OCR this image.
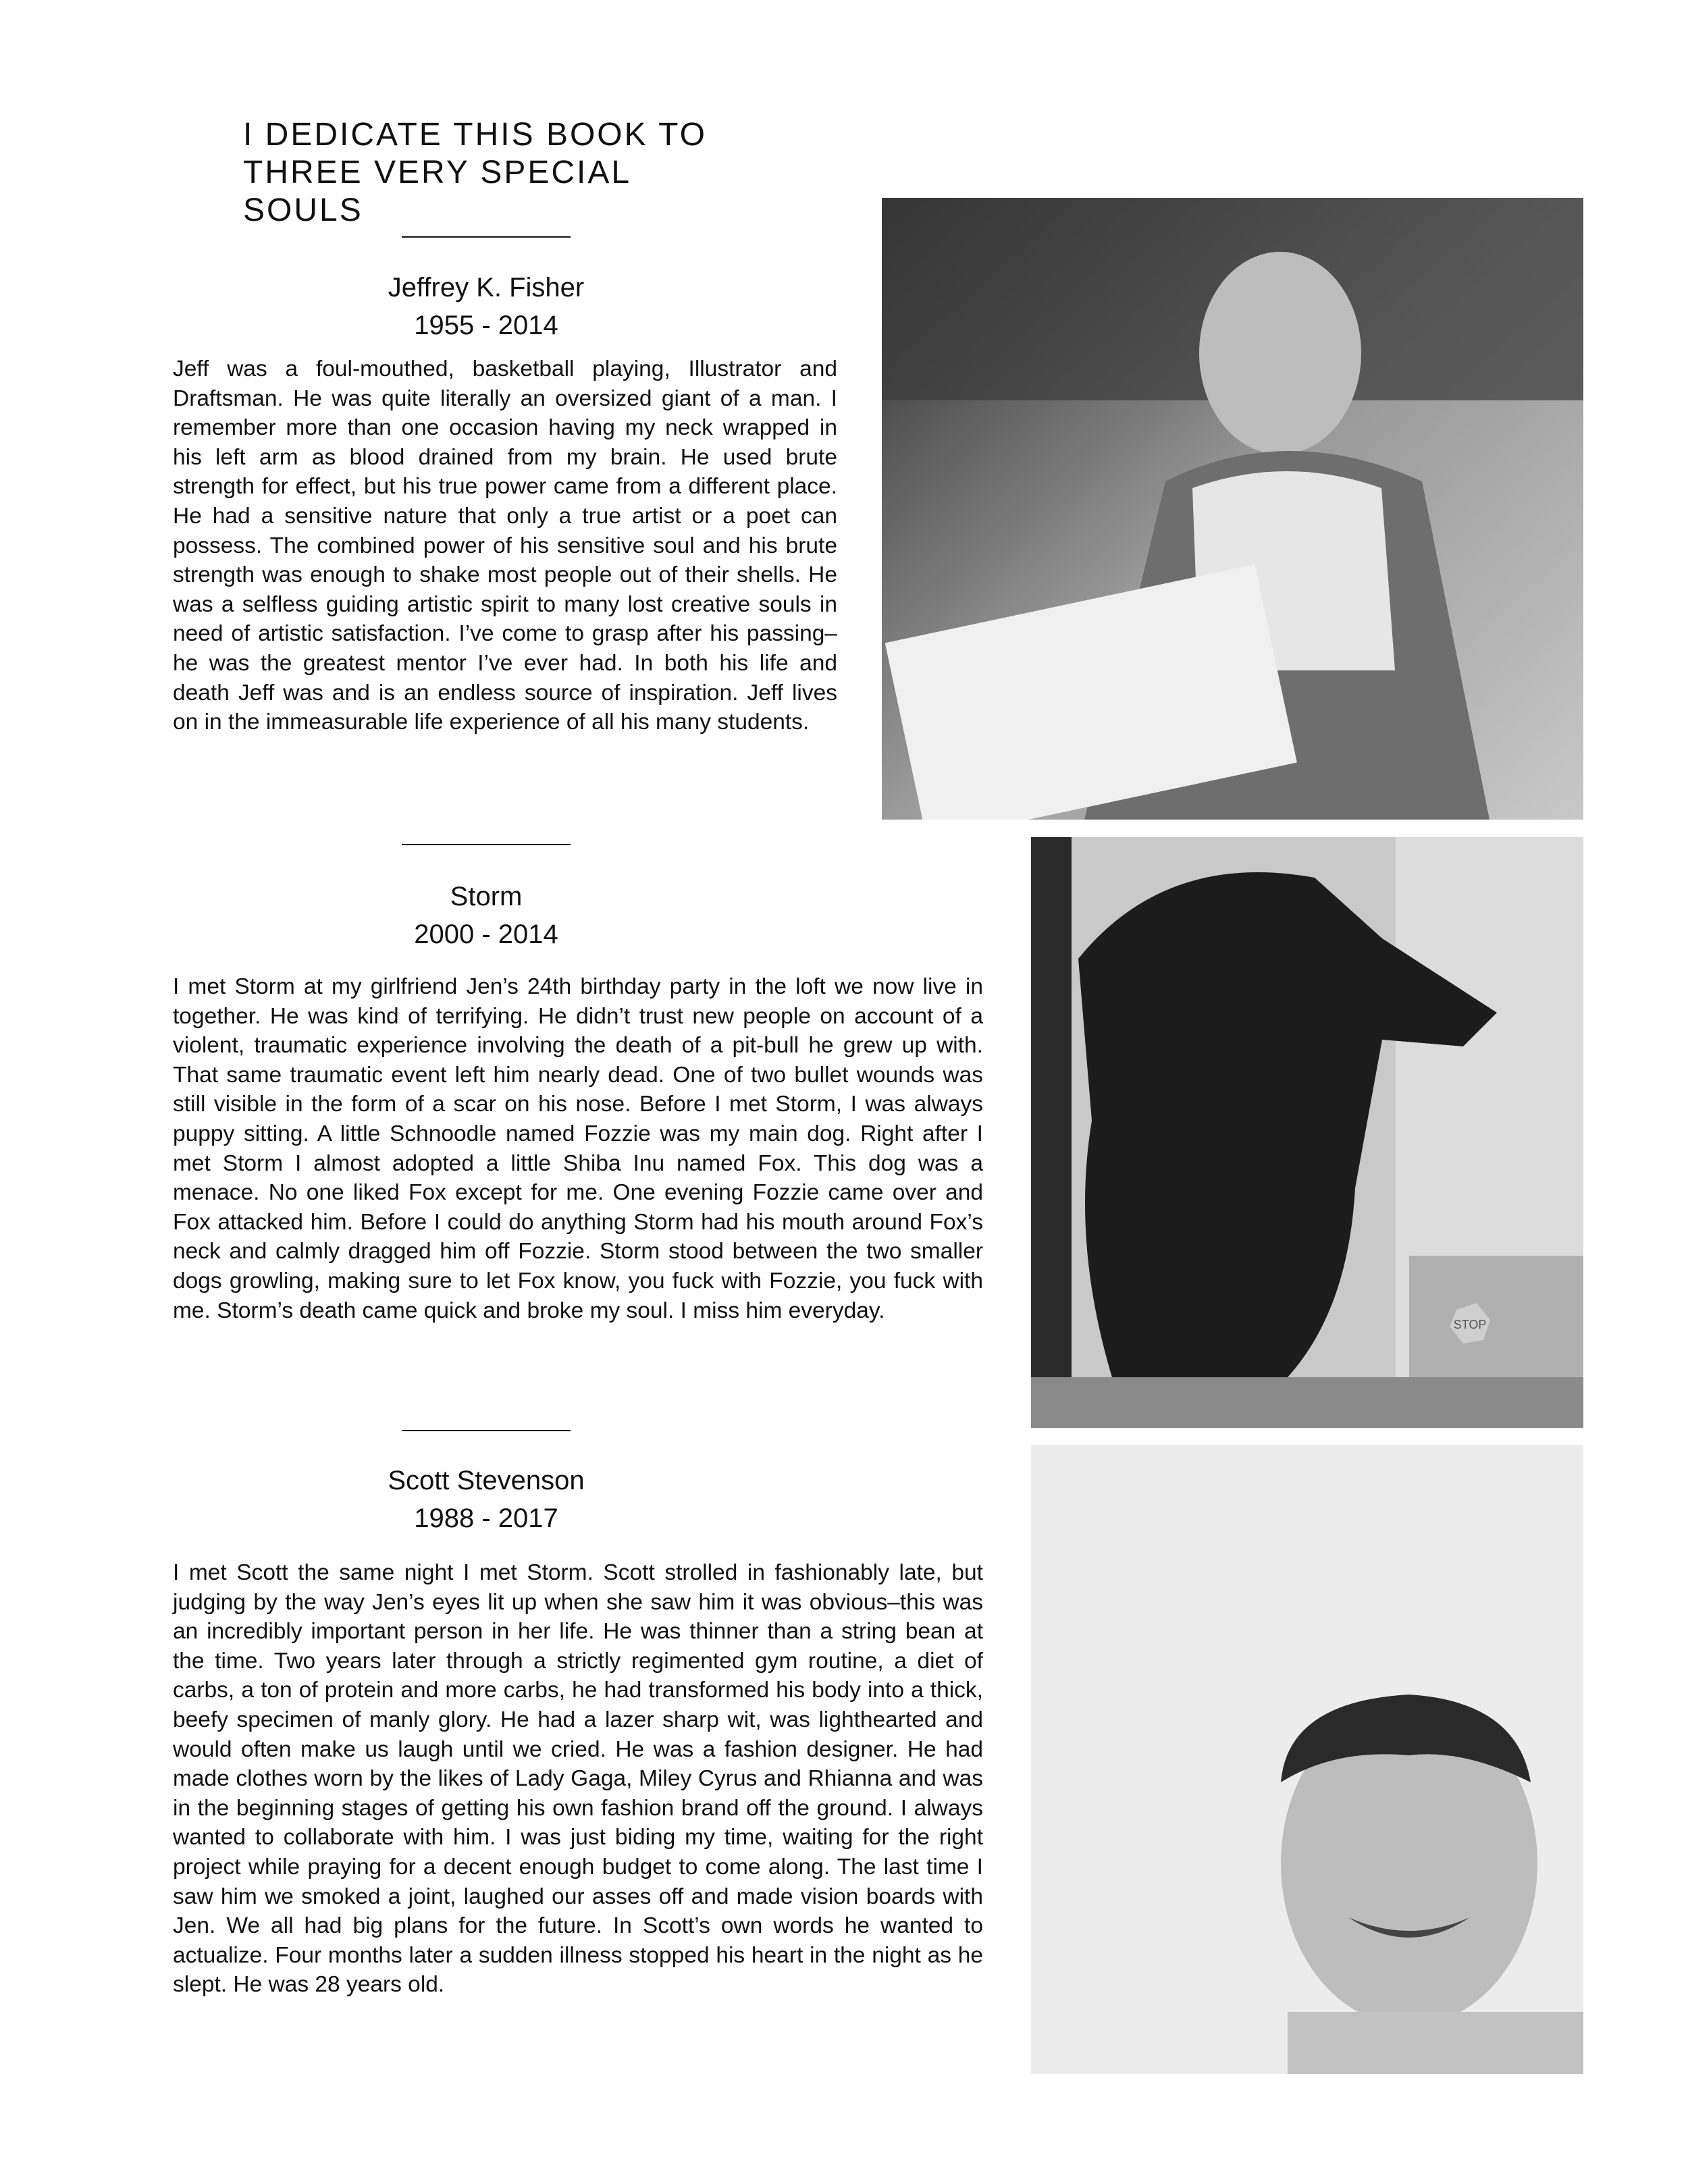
I DEDICATE THIS BOOK TO
THREE VERY SPECIAL SOULS
Jeffrey K. Fisher
1955 - 2014
Jeff was a foul-mouthed, basketball playing, Illustrator and Draftsman. He was quite literally an oversized giant of a man. I remember more than one occasion having my neck wrapped in his left arm as blood drained from my brain. He used brute strength for effect, but his true power came from a different place. He had a sensitive nature that only a true artist or a poet can possess. The combined power of his sensitive soul and his brute strength was enough to shake most people out of their shells. He was a selfless guiding artistic spirit to many lost creative souls in need of artistic satisfaction. I’ve come to grasp after his passing–he was the greatest mentor I’ve ever had. In both his life and death Jeff was and is an endless source of inspiration. Jeff lives on in the immeasurable life experience of all his many students.
Storm
2000 - 2014
I met Storm at my girlfriend Jen’s 24th birthday party in the loft we now live in together. He was kind of terrifying. He didn’t trust new people on account of a violent, traumatic experience involving the death of a pit-bull he grew up with. That same traumatic event left him nearly dead. One of two bullet wounds was still visible in the form of a scar on his nose. Before I met Storm, I was always puppy sitting. A little Schnoodle named Fozzie was my main dog. Right after I met Storm I almost adopted a little Shiba Inu named Fox. This dog was a menace. No one liked Fox except for me. One evening Fozzie came over and Fox attacked him. Before I could do anything Storm had his mouth around Fox’s neck and calmly dragged him off Fozzie. Storm stood between the two smaller dogs growling, making sure to let Fox know, you fuck with Fozzie, you fuck with me. Storm’s death came quick and broke my soul. I miss him everyday.
STOP
Scott Stevenson
1988 - 2017
I met Scott the same night I met Storm. Scott strolled in fashionably late, but judging by the way Jen’s eyes lit up when she saw him it was obvious–this was an incredibly important person in her life. He was thinner than a string bean at the time. Two years later through a strictly regimented gym routine, a diet of carbs, a ton of protein and more carbs, he had transformed his body into a thick, beefy specimen of manly glory. He had a lazer sharp wit, was lighthearted and would often make us laugh until we cried. He was a fashion designer. He had made clothes worn by the likes of Lady Gaga, Miley Cyrus and Rhianna and was in the beginning stages of getting his own fashion brand off the ground. I always wanted to collaborate with him. I was just biding my time, waiting for the right project while praying for a decent enough budget to come along. The last time I saw him we smoked a joint, laughed our asses off and made vision boards with Jen. We all had big plans for the future. In Scott’s own words he wanted to actualize. Four months later a sudden illness stopped his heart in the night as he slept. He was 28 years old.
